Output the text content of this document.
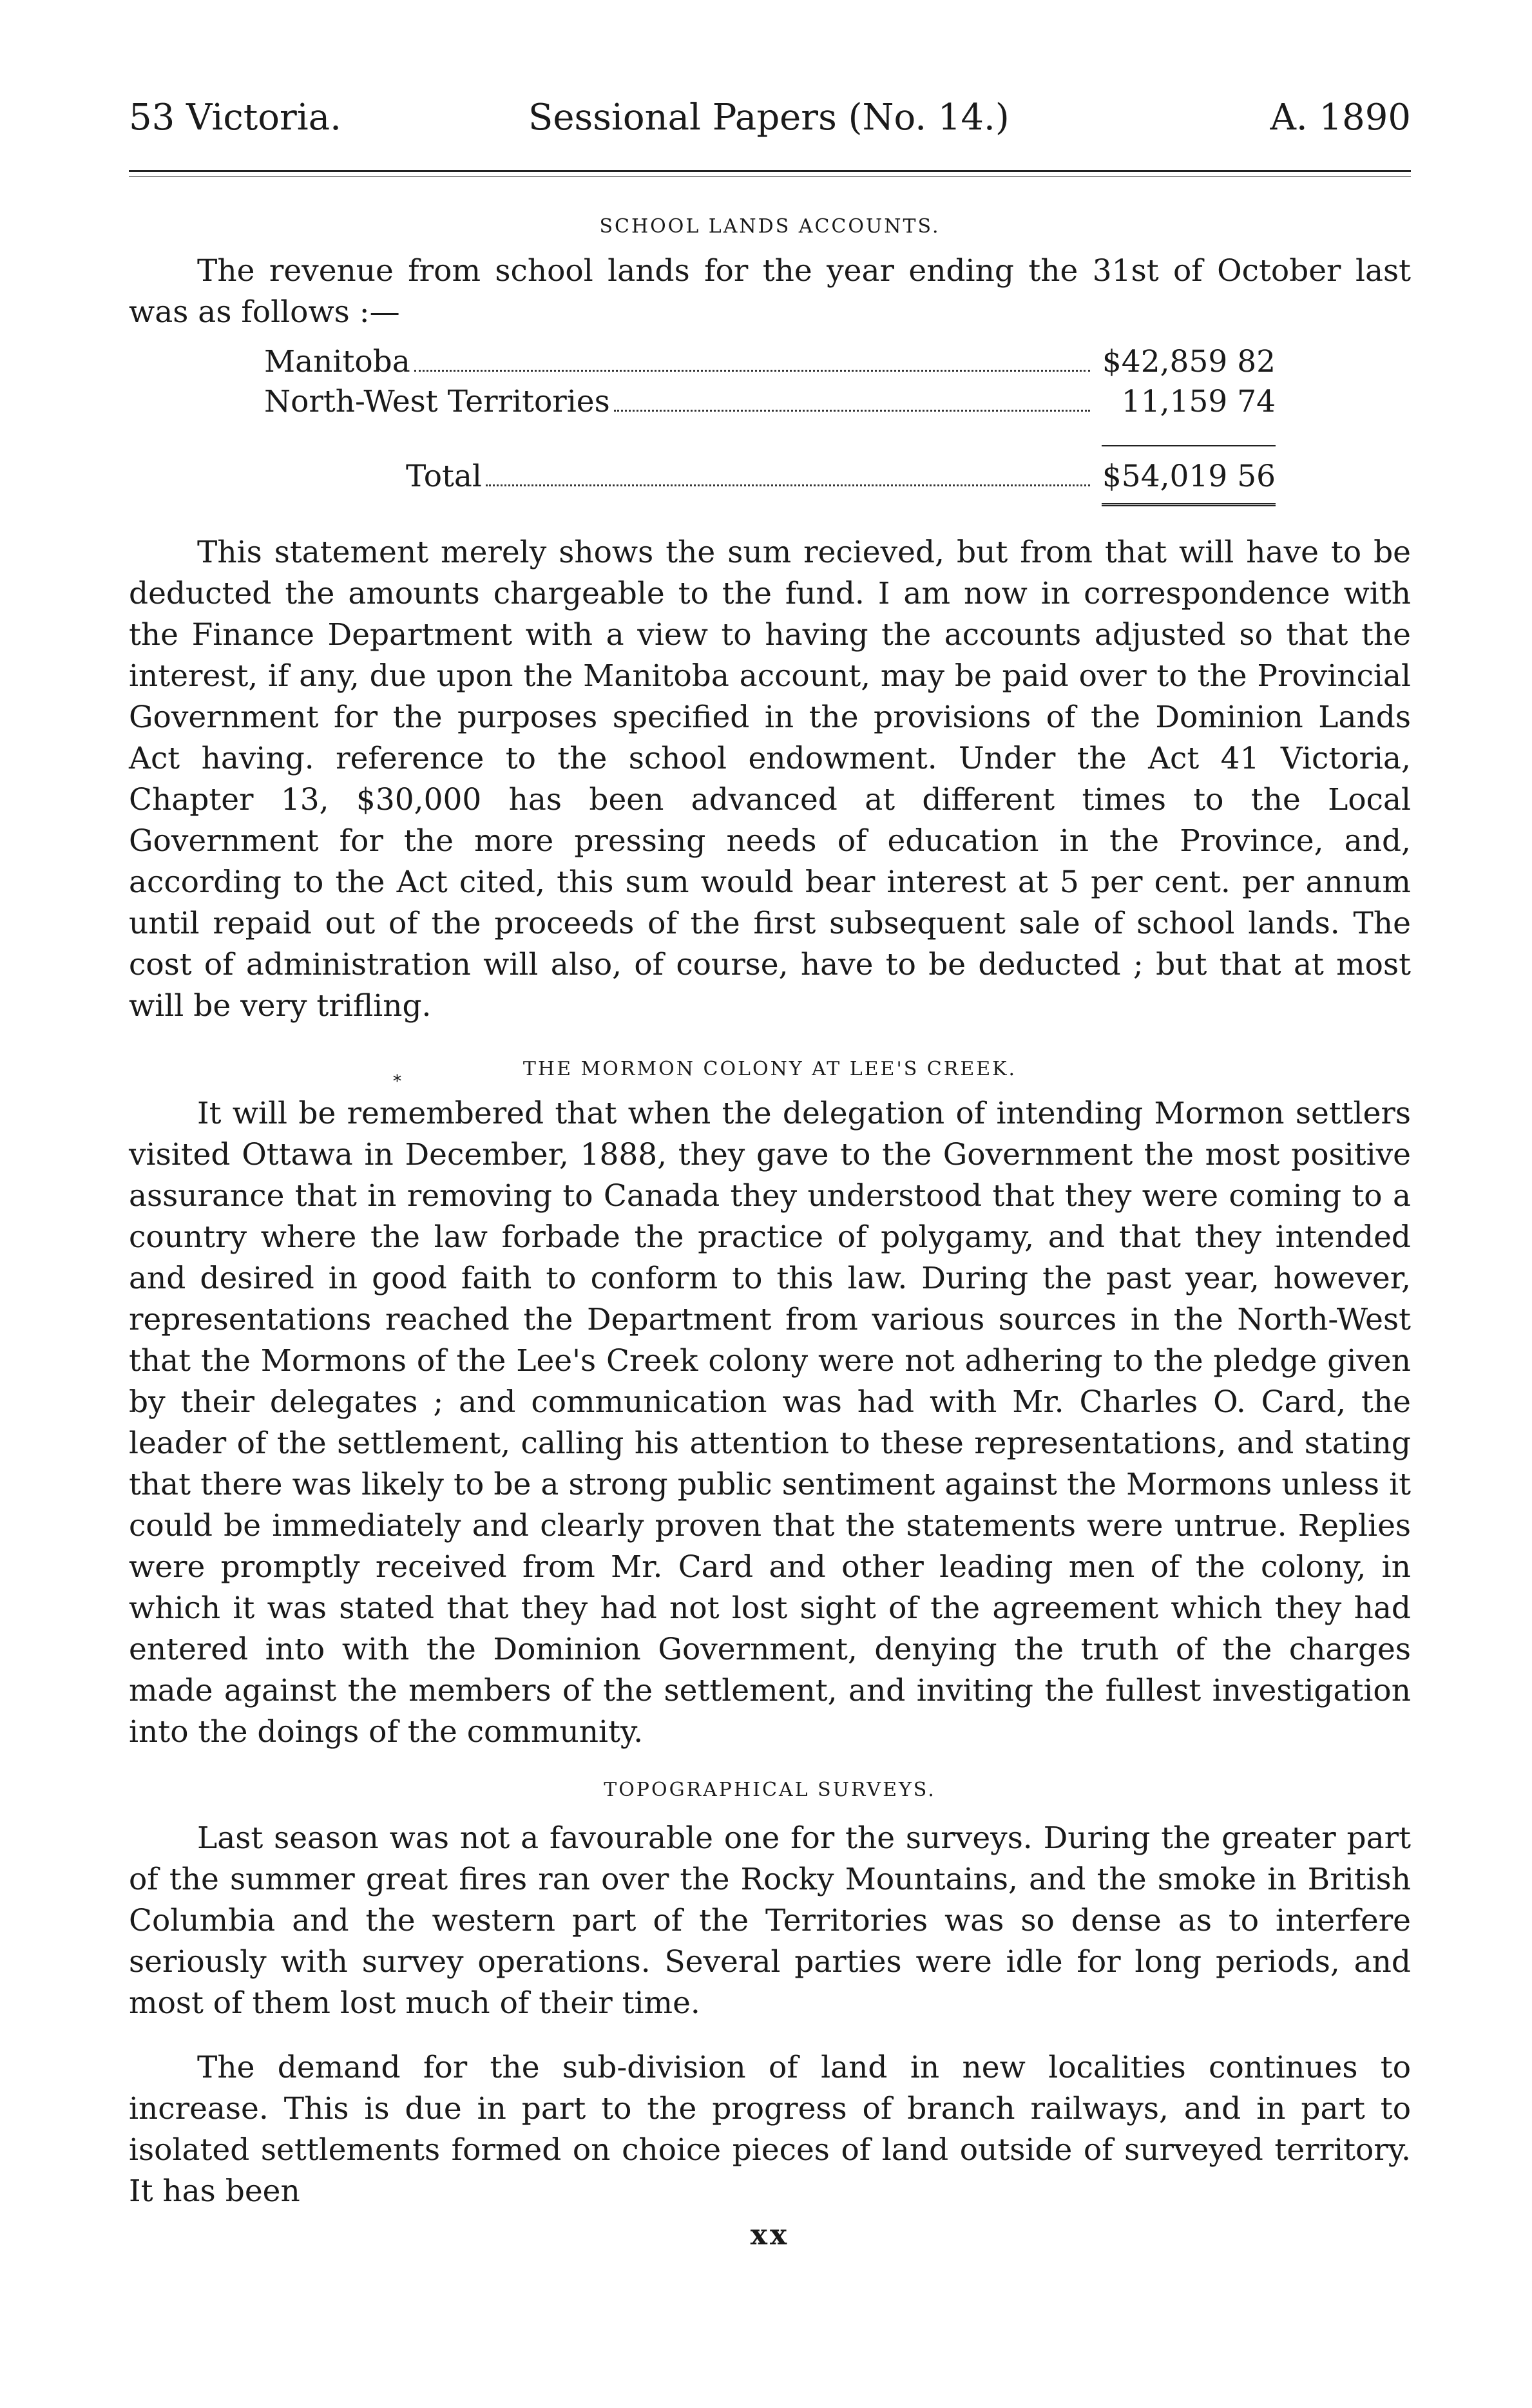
53 Victoria.	Sessional Papers (No. 14.)	A. 1890
SCHOOL LANDS ACCOUNTS.

The revenue from school lands for the year ending the 31st of October last was as follows :—

Manitoba	$42,859 82
North-West Territories	11,159 74
Total	$54,019 56

This statement merely shows the sum recieved, but from that will have to be deducted the amounts chargeable to the fund. I am now in correspondence with the Finance Department with a view to having the accounts adjusted so that the interest, if any, due upon the Manitoba account, may be paid over to the Provincial Government for the purposes specified in the provisions of the Dominion Lands Act having. reference to the school endowment. Under the Act 41 Victoria, Chapter 13, $30,000 has been advanced at different times to the Local Government for the more pressing needs of education in the Province, and, according to the Act cited, this sum would bear interest at 5 per cent. per annum until repaid out of the proceeds of the first subsequent sale of school lands. The cost of administration will also, of course, have to be deducted ; but that at most will be very trifling.

*
THE MORMON COLONY AT LEE'S CREEK.

It will be remembered that when the delegation of intending Mormon settlers visited Ottawa in December, 1888, they gave to the Government the most positive assurance that in removing to Canada they understood that they were coming to a country where the law forbade the practice of polygamy, and that they intended and desired in good faith to conform to this law. During the past year, however, representations reached the Department from various sources in the North-West that the Mormons of the Lee's Creek colony were not adhering to the pledge given by their delegates ; and communication was had with Mr. Charles O. Card, the leader of the settlement, calling his attention to these representations, and stating that there was likely to be a strong public sentiment against the Mormons unless it could be immediately and clearly proven that the statements were untrue. Replies were promptly received from Mr. Card and other leading men of the colony, in which it was stated that they had not lost sight of the agreement which they had entered into with the Dominion Government, denying the truth of the charges made against the members of the settlement, and inviting the fullest investigation into the doings of the community.

TOPOGRAPHICAL SURVEYS.

Last season was not a favourable one for the surveys. During the greater part of the summer great fires ran over the Rocky Mountains, and the smoke in British Columbia and the western part of the Territories was so dense as to interfere seriously with survey operations. Several parties were idle for long periods, and most of them lost much of their time.

The demand for the sub-division of land in new localities continues to increase. This is due in part to the progress of branch railways, and in part to isolated settlements formed on choice pieces of land outside of surveyed territory. It has been

xx
